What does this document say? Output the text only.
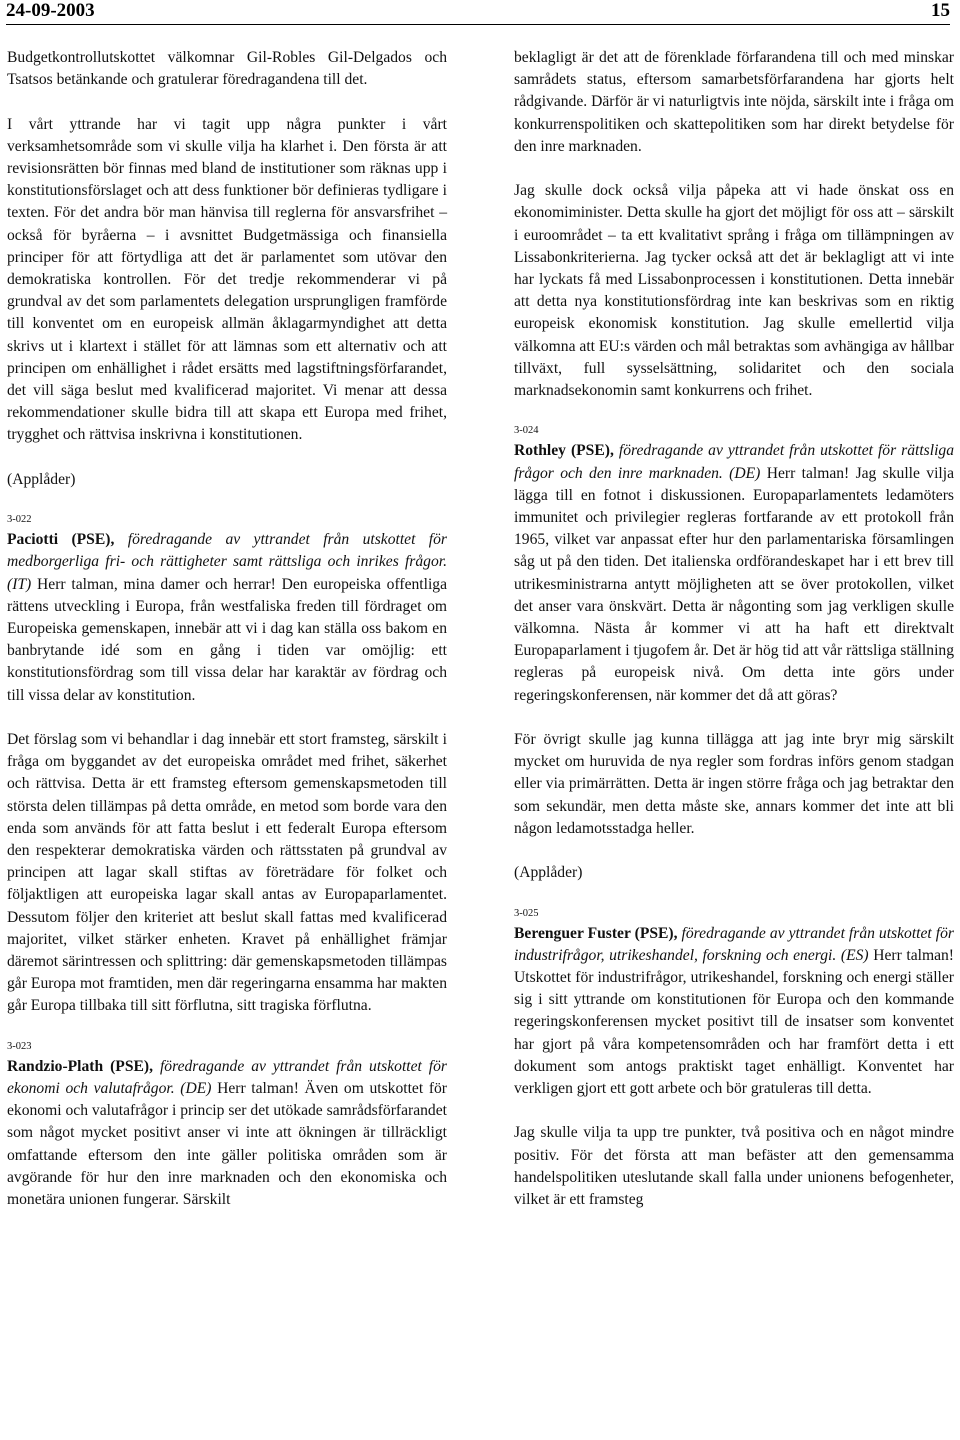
24-09-2003	15

Budgetkontrollutskottet välkomnar Gil-Robles Gil-Delgados och Tsatsos betänkande och gratulerar föredragandena till det.

I vårt yttrande har vi tagit upp några punkter i vårt verksamhetsområde som vi skulle vilja ha klarhet i. Den första är att revisionsrätten bör finnas med bland de institutioner som räknas upp i konstitutionsförslaget och att dess funktioner bör definieras tydligare i texten. För det andra bör man hänvisa till reglerna för ansvarsfrihet – också för byråerna – i avsnittet Budgetmässiga och finansiella principer för att förtydliga att det är parlamentet som utövar den demokratiska kontrollen. För det tredje rekommenderar vi på grundval av det som parlamentets delegation ursprungligen framförde till konventet om en europeisk allmän åklagarmyndighet att detta skrivs ut i klartext i stället för att lämnas som ett alternativ och att principen om enhällighet i rådet ersätts med lagstiftningsförfarandet, det vill säga beslut med kvalificerad majoritet. Vi menar att dessa rekommendationer skulle bidra till att skapa ett Europa med frihet, trygghet och rättvisa inskrivna i konstitutionen.

(Applåder)

3-022

Paciotti (PSE), föredragande av yttrandet från utskottet för medborgerliga fri- och rättigheter samt rättsliga och inrikes frågor. (IT) Herr talman, mina damer och herrar! Den europeiska offentliga rättens utveckling i Europa, från westfaliska freden till fördraget om Europeiska gemenskapen, innebär att vi i dag kan ställa oss bakom en banbrytande idé som en gång i tiden var omöjlig: ett konstitutionsfördrag som till vissa delar har karaktär av fördrag och till vissa delar av konstitution.

Det förslag som vi behandlar i dag innebär ett stort framsteg, särskilt i fråga om byggandet av det europeiska området med frihet, säkerhet och rättvisa. Detta är ett framsteg eftersom gemenskapsmetoden till största delen tillämpas på detta område, en metod som borde vara den enda som används för att fatta beslut i ett federalt Europa eftersom den respekterar demokratiska värden och rättsstaten på grundval av principen att lagar skall stiftas av företrädare för folket och följaktligen att europeiska lagar skall antas av Europaparlamentet. Dessutom följer den kriteriet att beslut skall fattas med kvalificerad majoritet, vilket stärker enheten. Kravet på enhällighet främjar däremot särintressen och splittring: där gemenskapsmetoden tillämpas går Europa mot framtiden, men där regeringarna ensamma har makten går Europa tillbaka till sitt förflutna, sitt tragiska förflutna.

3-023

Randzio-Plath (PSE), föredragande av yttrandet från utskottet för ekonomi och valutafrågor. (DE) Herr talman! Även om utskottet för ekonomi och valutafrågor i princip ser det utökade samrådsförfarandet som något mycket positivt anser vi inte att ökningen är tillräckligt omfattande eftersom den inte gäller politiska områden som är avgörande för hur den inre marknaden och den ekonomiska och monetära unionen fungerar. Särskilt

beklagligt är det att de förenklade förfarandena till och med minskar samrådets status, eftersom samarbetsförfarandena har gjorts helt rådgivande. Därför är vi naturligtvis inte nöjda, särskilt inte i fråga om konkurrenspolitiken och skattepolitiken som har direkt betydelse för den inre marknaden.

Jag skulle dock också vilja påpeka att vi hade önskat oss en ekonomiminister. Detta skulle ha gjort det möjligt för oss att – särskilt i euroområdet – ta ett kvalitativt språng i fråga om tillämpningen av Lissabonkriterierna. Jag tycker också att det är beklagligt att vi inte har lyckats få med Lissabonprocessen i konstitutionen. Detta innebär att detta nya konstitutionsfördrag inte kan beskrivas som en riktig europeisk ekonomisk konstitution. Jag skulle emellertid vilja välkomna att EU:s värden och mål betraktas som avhängiga av hållbar tillväxt, full sysselsättning, solidaritet och den sociala marknadsekonomin samt konkurrens och frihet.

3-024

Rothley (PSE), föredragande av yttrandet från utskottet för rättsliga frågor och den inre marknaden. (DE) Herr talman! Jag skulle vilja lägga till en fotnot i diskussionen. Europaparlamentets ledamöters immunitet och privilegier regleras fortfarande av ett protokoll från 1965, vilket var anpassat efter hur den parlamentariska församlingen såg ut på den tiden. Det italienska ordförandeskapet har i ett brev till utrikesministrarna antytt möjligheten att se över protokollen, vilket det anser vara önskvärt. Detta är någonting som jag verkligen skulle välkomna. Nästa år kommer vi att ha haft ett direktvalt Europaparlament i tjugofem år. Det är hög tid att vår rättsliga ställning regleras på europeisk nivå. Om detta inte görs under regeringskonferensen, när kommer det då att göras?

För övrigt skulle jag kunna tillägga att jag inte bryr mig särskilt mycket om huruvida de nya regler som fordras införs genom stadgan eller via primärrätten. Detta är ingen större fråga och jag betraktar den som sekundär, men detta måste ske, annars kommer det inte att bli någon ledamotsstadga heller.

(Applåder)

3-025

Berenguer Fuster (PSE), föredragande av yttrandet från utskottet för industrifrågor, utrikeshandel, forskning och energi. (ES) Herr talman! Utskottet för industrifrågor, utrikeshandel, forskning och energi ställer sig i sitt yttrande om konstitutionen för Europa och den kommande regeringskonferensen mycket positivt till de insatser som konventet har gjort på våra kompetensområden och har framfört detta i ett dokument som antogs praktiskt taget enhälligt. Konventet har verkligen gjort ett gott arbete och bör gratuleras till detta.

Jag skulle vilja ta upp tre punkter, två positiva och en något mindre positiv. För det första att man befäster att den gemensamma handelspolitiken uteslutande skall falla under unionens befogenheter, vilket är ett framsteg
